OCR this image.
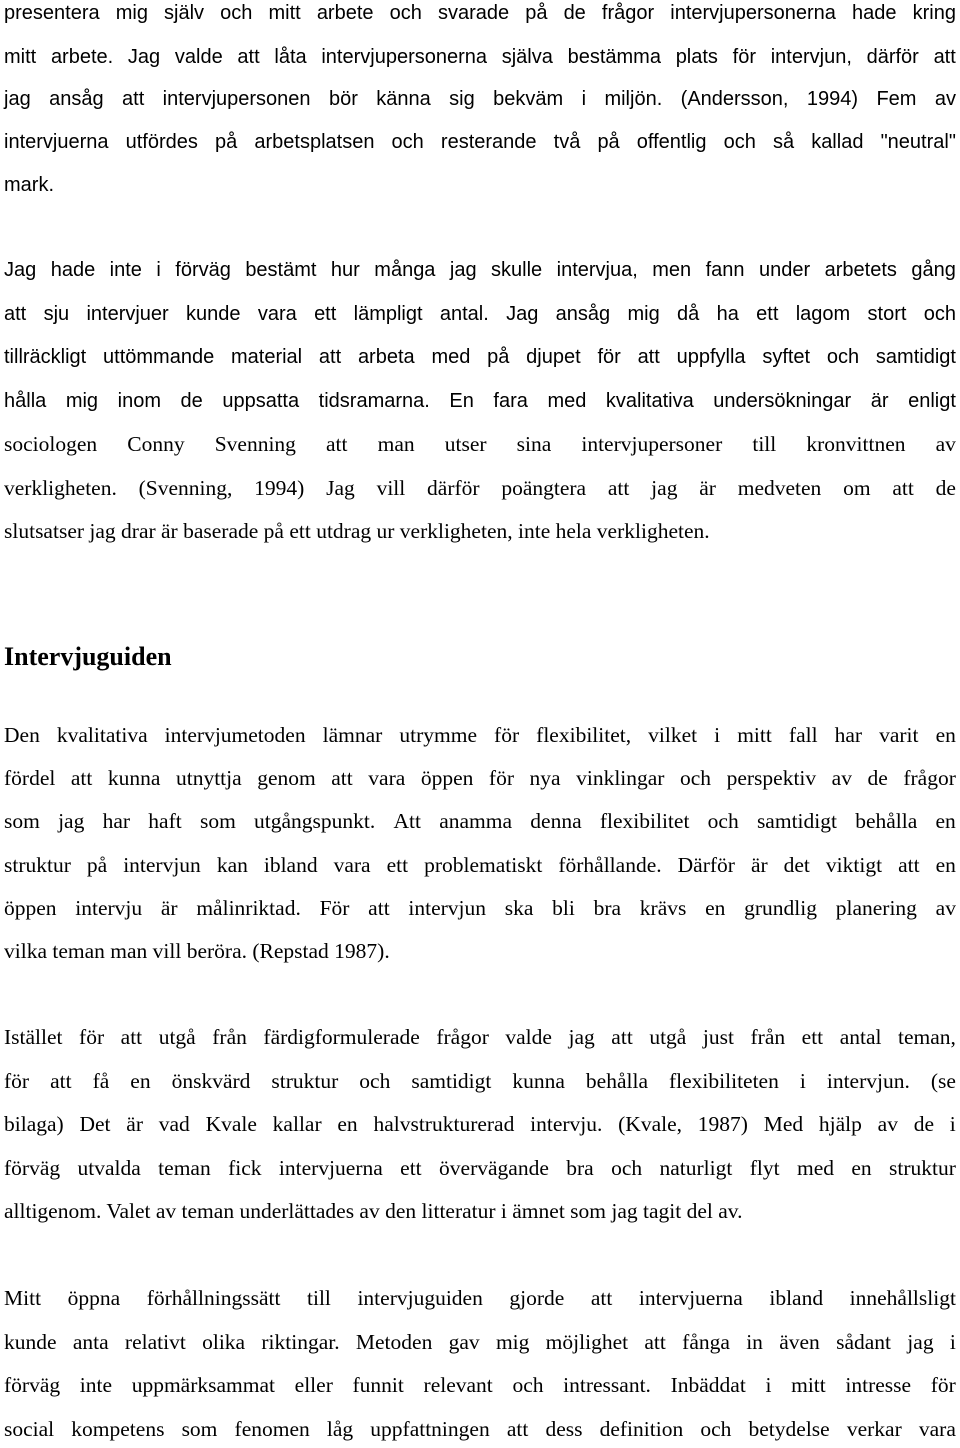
Intervjuguiden
presentera mig själv och mitt arbete och svarade på de frågor intervjupersonerna hade kring
mitt arbete. Jag valde att låta intervjupersonerna själva bestämma plats för intervjun, därför att
jag ansåg att intervjupersonen bör känna sig bekväm i miljön. (Andersson, 1994) Fem av
intervjuerna utfördes på arbetsplatsen och resterande två på offentlig och så kallad "neutral"
mark.
Jag hade inte i förväg bestämt hur många jag skulle intervjua, men fann under arbetets gång
att sju intervjuer kunde vara ett lämpligt antal. Jag ansåg mig då ha ett lagom stort och
tillräckligt uttömmande material att arbeta med på djupet för att uppfylla syftet och samtidigt
hålla mig inom de uppsatta tidsramarna. En fara med kvalitativa undersökningar är enligt
sociologen Conny Svenning att man utser sina intervjupersoner till kronvittnen av
verkligheten. (Svenning, 1994) Jag vill därför poängtera att jag är medveten om att de
slutsatser jag drar är baserade på ett utdrag ur verkligheten, inte hela verkligheten.
Den kvalitativa intervjumetoden lämnar utrymme för flexibilitet, vilket i mitt fall har varit en
fördel att kunna utnyttja genom att vara öppen för nya vinklingar och perspektiv av de frågor
som jag har haft som utgångspunkt. Att anamma denna flexibilitet och samtidigt behålla en
struktur på intervjun kan ibland vara ett problematiskt förhållande. Därför är det viktigt att en
öppen intervju är målinriktad. För att intervjun ska bli bra krävs en grundlig planering av
vilka teman man vill beröra. (Repstad 1987).
Istället för att utgå från färdigformulerade frågor valde jag att utgå just från ett antal teman,
för att få en önskvärd struktur och samtidigt kunna behålla flexibiliteten i intervjun. (se
bilaga) Det är vad Kvale kallar en halvstrukturerad intervju. (Kvale, 1987) Med hjälp av de i
förväg utvalda teman fick intervjuerna ett övervägande bra och naturligt flyt med en struktur
alltigenom. Valet av teman underlättades av den litteratur i ämnet som jag tagit del av.
Mitt öppna förhållningssätt till intervjuguiden gjorde att intervjuerna ibland innehållsligt
kunde anta relativt olika riktingar. Metoden gav mig möjlighet att fånga in även sådant jag i
förväg inte uppmärksammat eller funnit relevant och intressant. Inbäddat i mitt intresse för
social kompetens som fenomen låg uppfattningen att dess definition och betydelse verkar vara
